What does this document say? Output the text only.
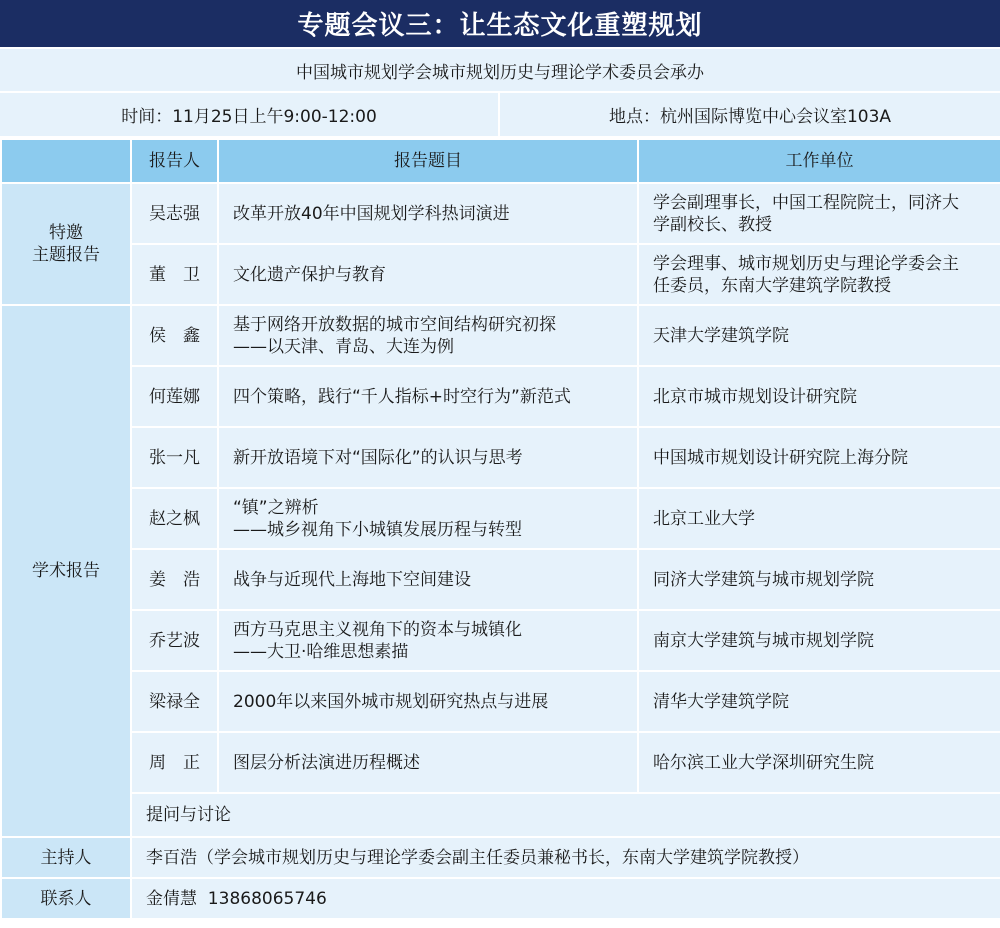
专题会议三：让生态文化重塑规划
中国城市规划学会城市规划历史与理论学术委员会承办
时间：11月25日上午9:00-12:00	地点：杭州国际博览中心会议室103A
	报告人	报告题目	工作单位

特邀
主题报告	吴志强	改革开放40年中国规划学科热词演进	学会副理事长，中国工程院院士，同济大
学副校长、教授

	董　卫	文化遗产保护与教育	学会理事、城市规划历史与理论学委会主
任委员，东南大学建筑学院教授

学术报告	侯　鑫	基于网络开放数据的城市空间结构研究初探
——以天津、青岛、大连为例	天津大学建筑学院

	何莲娜	四个策略，践行“千人指标+时空行为”新范式	北京市城市规划设计研究院

	张一凡	新开放语境下对“国际化”的认识与思考	中国城市规划设计研究院上海分院

	赵之枫	“镇”之辨析
——城乡视角下小城镇发展历程与转型	北京工业大学

	姜　浩	战争与近现代上海地下空间建设	同济大学建筑与城市规划学院

	乔艺波	西方马克思主义视角下的资本与城镇化
——大卫·哈维思想素描	南京大学建筑与城市规划学院

	梁禄全	2000年以来国外城市规划研究热点与进展	清华大学建筑学院

	周　正	图层分析法演进历程概述	哈尔滨工业大学深圳研究生院

	提问与讨论		
主持人	李百浩（学会城市规划历史与理论学委会副主任委员兼秘书长，东南大学建筑学院教授）		
联系人	金倩慧  13868065746		
